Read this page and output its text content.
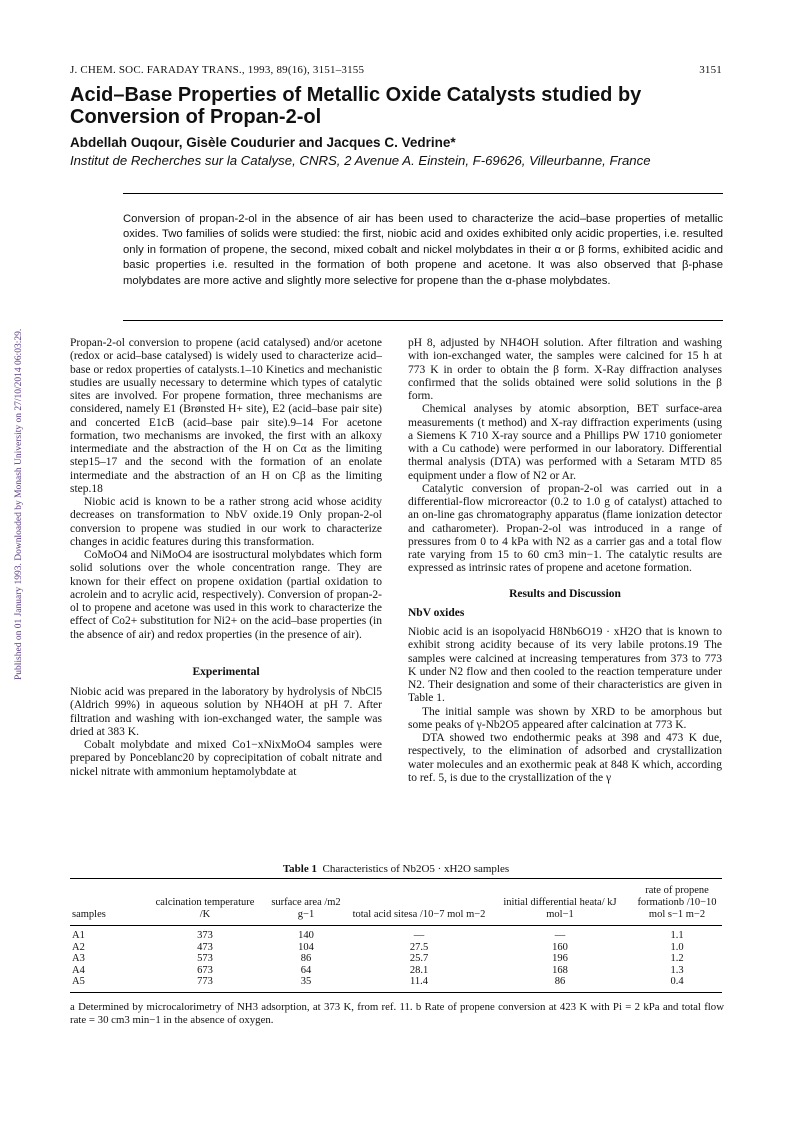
Published on 01 January 1993. Downloaded by Monash University on 27/10/2014 06:03:29.
J. CHEM. SOC. FARADAY TRANS., 1993, 89(16), 3151–3155	3151
Acid–Base Properties of Metallic Oxide Catalysts studied by Conversion of Propan-2-ol
Abdellah Ouqour, Gisèle Coudurier and Jacques C. Vedrine*
Institut de Recherches sur la Catalyse, CNRS, 2 Avenue A. Einstein, F-69626, Villeurbanne, France
Conversion of propan-2-ol in the absence of air has been used to characterize the acid–base properties of metallic oxides. Two families of solids were studied: the first, niobic acid and oxides exhibited only acidic properties, i.e. resulted only in formation of propene, the second, mixed cobalt and nickel molybdates in their α or β forms, exhibited acidic and basic properties i.e. resulted in the formation of both propene and acetone. It was also observed that β-phase molybdates are more active and slightly more selective for propene than the α-phase molybdates.

Propan-2-ol conversion to propene (acid catalysed) and/or acetone (redox or acid–base catalysed) is widely used to characterize acid–base or redox properties of catalysts.1–10 Kinetics and mechanistic studies are usually necessary to determine which types of catalytic sites are involved. For propene formation, three mechanisms are considered, namely E1 (Brønsted H+ site), E2 (acid–base pair site) and concerted E1cB (acid–base pair site).9–14 For acetone formation, two mechanisms are invoked, the first with an alkoxy intermediate and the abstraction of the H on Cα as the limiting step15–17 and the second with the formation of an enolate intermediate and the abstraction of an H on Cβ as the limiting step.18

Niobic acid is known to be a rather strong acid whose acidity decreases on transformation to NbV oxide.19 Only propan-2-ol conversion to propene was studied in our work to characterize changes in acidic features during this transformation.

CoMoO4 and NiMoO4 are isostructural molybdates which form solid solutions over the whole concentration range. They are known for their effect on propene oxidation (partial oxidation to acrolein and to acrylic acid, respectively). Conversion of propan-2-ol to propene and acetone was used in this work to characterize the effect of Co2+ substitution for Ni2+ on the acid–base properties (in the absence of air) and redox properties (in the presence of air).

Experimental

Niobic acid was prepared in the laboratory by hydrolysis of NbCl5 (Aldrich 99%) in aqueous solution by NH4OH at pH 7. After filtration and washing with ion-exchanged water, the sample was dried at 383 K.

Cobalt molybdate and mixed Co1−xNixMoO4 samples were prepared by Ponceblanc20 by coprecipitation of cobalt nitrate and nickel nitrate with ammonium heptamolybdate at

pH 8, adjusted by NH4OH solution. After filtration and washing with ion-exchanged water, the samples were calcined for 15 h at 773 K in order to obtain the β form. X-Ray diffraction analyses confirmed that the solids obtained were solid solutions in the β form.

Chemical analyses by atomic absorption, BET surface-area measurements (t method) and X-ray diffraction experiments (using a Siemens K 710 X-ray source and a Phillips PW 1710 goniometer with a Cu cathode) were performed in our laboratory. Differential thermal analysis (DTA) was performed with a Setaram MTD 85 equipment under a flow of N2 or Ar.

Catalytic conversion of propan-2-ol was carried out in a differential-flow microreactor (0.2 to 1.0 g of catalyst) attached to an on-line gas chromatography apparatus (flame ionization detector and catharometer). Propan-2-ol was introduced in a range of pressures from 0 to 4 kPa with N2 as a carrier gas and a total flow rate varying from 15 to 60 cm3 min−1. The catalytic results are expressed as intrinsic rates of propene and acetone formation.

Results and Discussion
NbV oxides

Niobic acid is an isopolyacid H8Nb6O19 · xH2O that is known to exhibit strong acidity because of its very labile protons.19 The samples were calcined at increasing temperatures from 373 to 773 K under N2 flow and then cooled to the reaction temperature under N2. Their designation and some of their characteristics are given in Table 1.

The initial sample was shown by XRD to be amorphous but some peaks of γ-Nb2O5 appeared after calcination at 773 K.

DTA showed two endothermic peaks at 398 and 473 K due, respectively, to the elimination of adsorbed and crystallization water molecules and an exothermic peak at 848 K which, according to ref. 5, is due to the crystallization of the γ

Table 1 Characteristics of Nb2O5 · xH2O samples
samples	calcination temperature /K	surface area /m2 g−1	total acid sitesa /10−7 mol m−2	initial differential heata/ kJ mol−1	rate of propene formationb /10−10 mol s−1 m−2
A1	373	140	—	—	1.1
A2	473	104	27.5	160	1.0
A3	573	86	25.7	196	1.2
A4	673	64	28.1	168	1.3
A5	773	35	11.4	86	0.4
a Determined by microcalorimetry of NH3 adsorption, at 373 K, from ref. 11. b Rate of propene conversion at 423 K with Pi = 2 kPa and total flow rate = 30 cm3 min−1 in the absence of oxygen.
